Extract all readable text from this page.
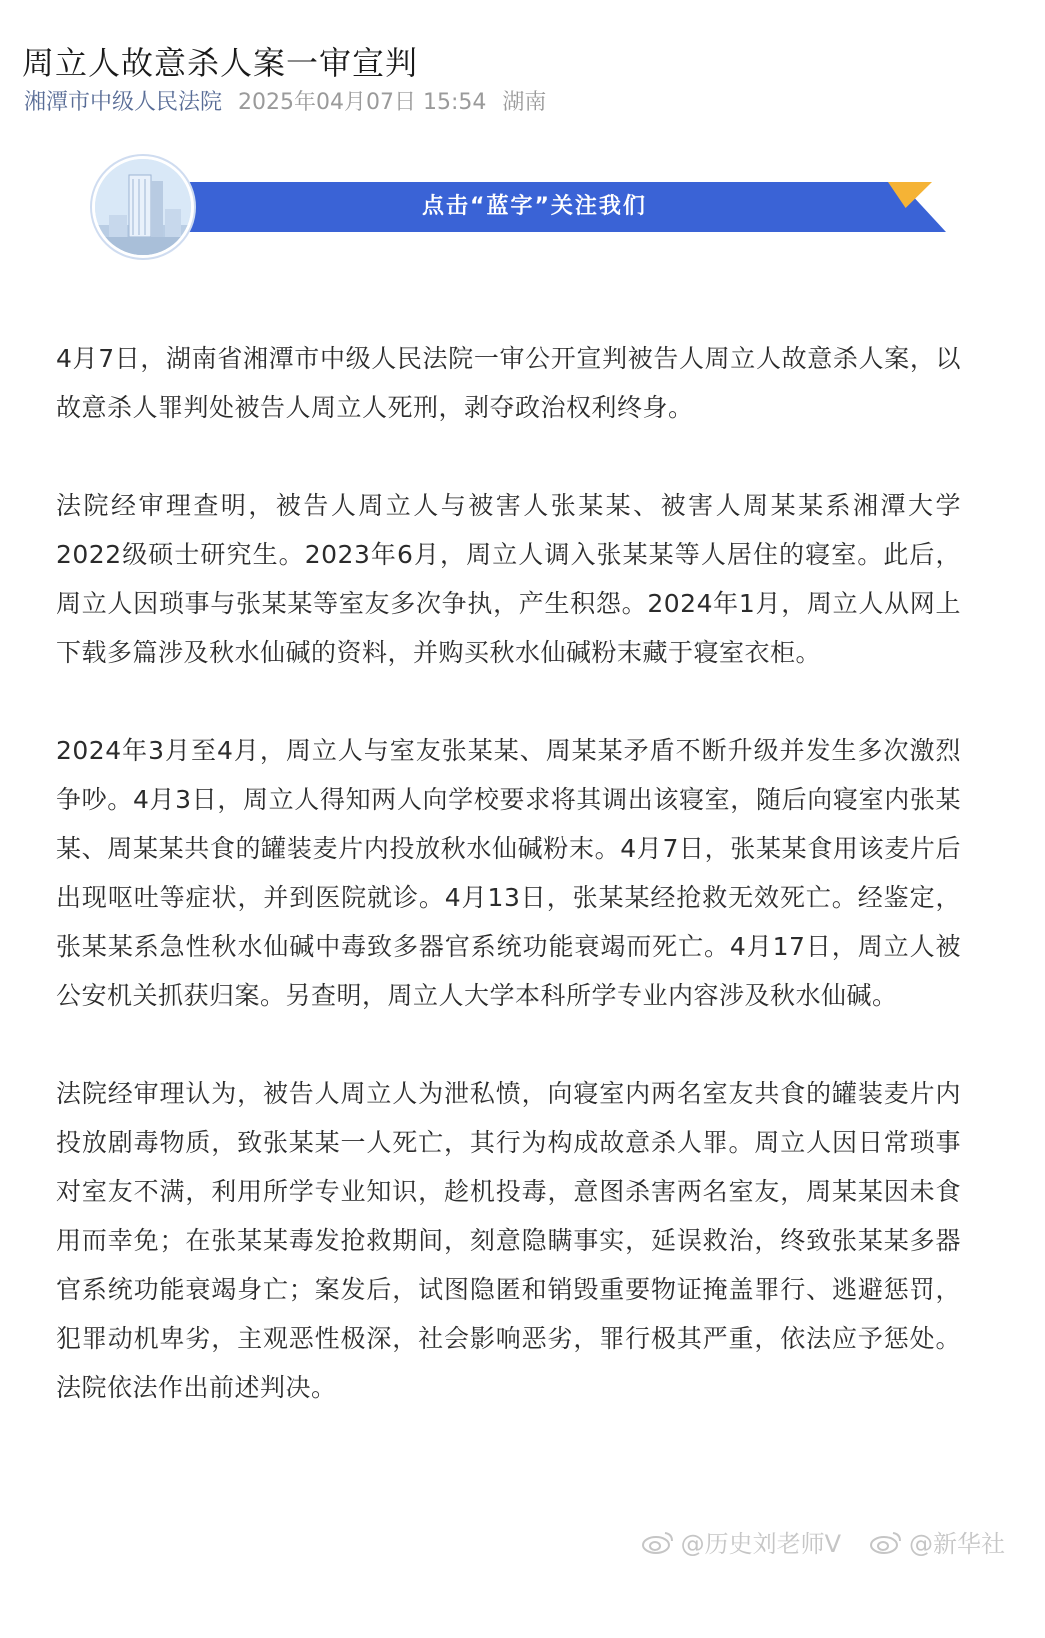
周立人故意杀人案一审宣判
湘潭市中级人民法院 2025年04月07日 15:54 湖南
点击“蓝字”关注我们

4月7日，湖南省湘潭市中级人民法院一审公开宣判被告人周立人故意杀人案，以故意杀人罪判处被告人周立人死刑，剥夺政治权利终身。

法院经审理查明，被告人周立人与被害人张某某、被害人周某某系湘潭大学2022级硕士研究生。2023年6月，周立人调入张某某等人居住的寝室。此后，周立人因琐事与张某某等室友多次争执，产生积怨。2024年1月，周立人从网上下载多篇涉及秋水仙碱的资料，并购买秋水仙碱粉末藏于寝室衣柜。

2024年3月至4月，周立人与室友张某某、周某某矛盾不断升级并发生多次激烈争吵。4月3日，周立人得知两人向学校要求将其调出该寝室，随后向寝室内张某某、周某某共食的罐装麦片内投放秋水仙碱粉末。4月7日，张某某食用该麦片后出现呕吐等症状，并到医院就诊。4月13日，张某某经抢救无效死亡。经鉴定，张某某系急性秋水仙碱中毒致多器官系统功能衰竭而死亡。4月17日，周立人被公安机关抓获归案。另查明，周立人大学本科所学专业内容涉及秋水仙碱。

法院经审理认为，被告人周立人为泄私愤，向寝室内两名室友共食的罐装麦片内投放剧毒物质，致张某某一人死亡，其行为构成故意杀人罪。周立人因日常琐事对室友不满，利用所学专业知识，趁机投毒，意图杀害两名室友，周某某因未食用而幸免；在张某某毒发抢救期间，刻意隐瞒事实，延误救治，终致张某某多器官系统功能衰竭身亡；案发后，试图隐匿和销毁重要物证掩盖罪行、逃避惩罚，犯罪动机卑劣，主观恶性极深，社会影响恶劣，罪行极其严重，依法应予惩处。法院依法作出前述判决。

@历史刘老师V	@新华社
